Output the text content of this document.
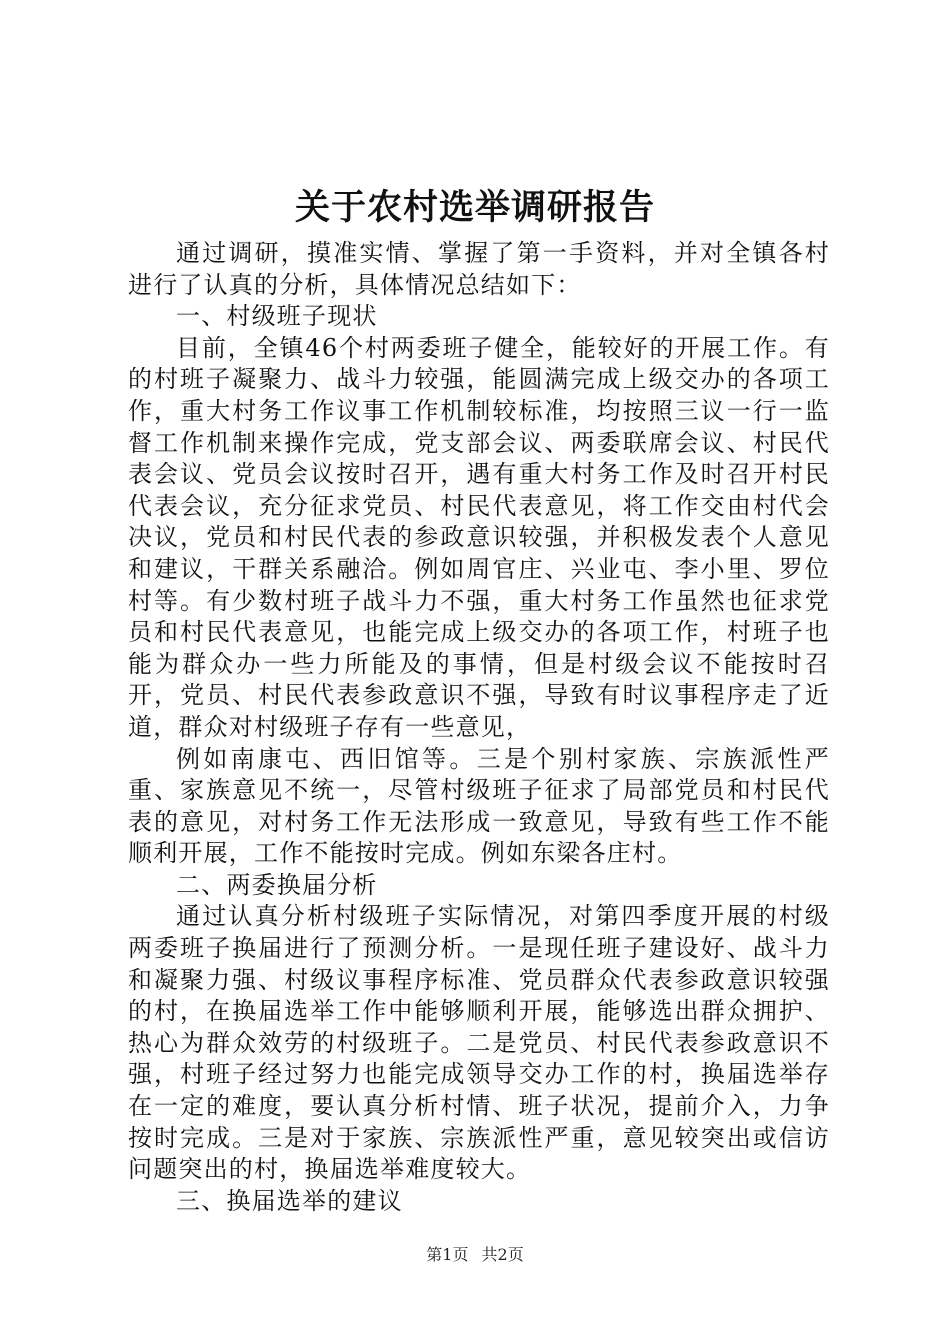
关于农村选举调研报告

通过调研，摸准实情、掌握了第一手资料，并对全镇各村进行了认真的分析，具体情况总结如下：

一、村级班子现状

目前，全镇46个村两委班子健全，能较好的开展工作。有的村班子凝聚力、战斗力较强，能圆满完成上级交办的各项工作，重大村务工作议事工作机制较标准，均按照三议一行一监督工作机制来操作完成，党支部会议、两委联席会议、村民代表会议、党员会议按时召开，遇有重大村务工作及时召开村民代表会议，充分征求党员、村民代表意见，将工作交由村代会决议，党员和村民代表的参政意识较强，并积极发表个人意见和建议，干群关系融洽。例如周官庄、兴业屯、李小里、罗位村等。有少数村班子战斗力不强，重大村务工作虽然也征求党员和村民代表意见，也能完成上级交办的各项工作，村班子也能为群众办一些力所能及的事情，但是村级会议不能按时召开，党员、村民代表参政意识不强，导致有时议事程序走了近道，群众对村级班子存有一些意见，

例如南康屯、西旧馆等。三是个别村家族、宗族派性严重、家族意见不统一，尽管村级班子征求了局部党员和村民代表的意见，对村务工作无法形成一致意见，导致有些工作不能顺利开展，工作不能按时完成。例如东梁各庄村。

二、两委换届分析

通过认真分析村级班子实际情况，对第四季度开展的村级两委班子换届进行了预测分析。一是现任班子建设好、战斗力和凝聚力强、村级议事程序标准、党员群众代表参政意识较强的村，在换届选举工作中能够顺利开展，能够选出群众拥护、热心为群众效劳的村级班子。二是党员、村民代表参政意识不强，村班子经过努力也能完成领导交办工作的村，换届选举存在一定的难度，要认真分析村情、班子状况，提前介入，力争按时完成。三是对于家族、宗族派性严重，意见较突出或信访问题突出的村，换届选举难度较大。

三、换届选举的建议

第1页 共2页
